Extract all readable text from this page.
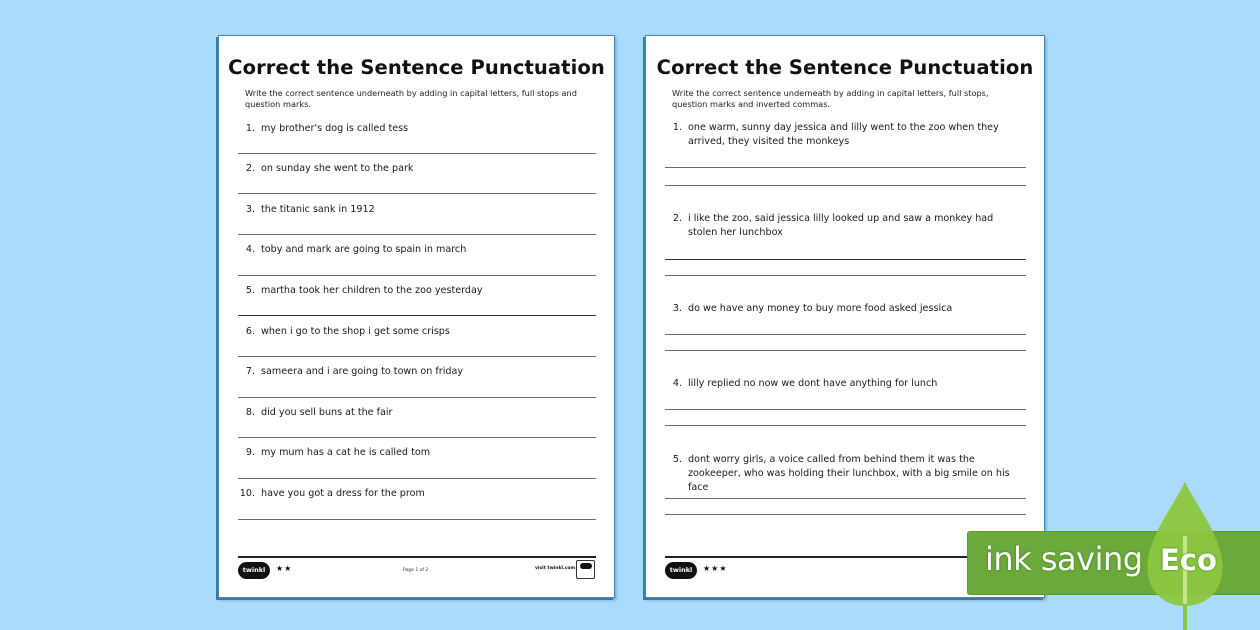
Correct the Sentence Punctuation
Write the correct sentence underneath by adding in capital letters, full stops and question marks.
1. my brother's dog is called tess
2. on sunday she went to the park
3. the titanic sank in 1912
4. toby and mark are going to spain in march
5. martha took her children to the zoo yesterday
6. when i go to the shop i get some crisps
7. sameera and i are going to town on friday
8. did you sell buns at the fair
9. my mum has a cat he is called tom
10. have you got a dress for the prom
twinkl	★★	Page 1 of 2	visit twinkl.com
Correct the Sentence Punctuation
Write the correct sentence underneath by adding in capital letters, full stops, question marks and inverted commas.
1. one warm, sunny day jessica and lilly went to the zoo when they arrived, they visited the monkeys
2. i like the zoo, said jessica lilly looked up and saw a monkey had stolen her lunchbox
3. do we have any money to buy more food asked jessica
4. lilly replied no now we dont have anything for lunch
5. dont worry girls, a voice called from behind them it was the zookeeper, who was holding their lunchbox, with a big smile on his face
twinkl	★★★	ink saving Eco
